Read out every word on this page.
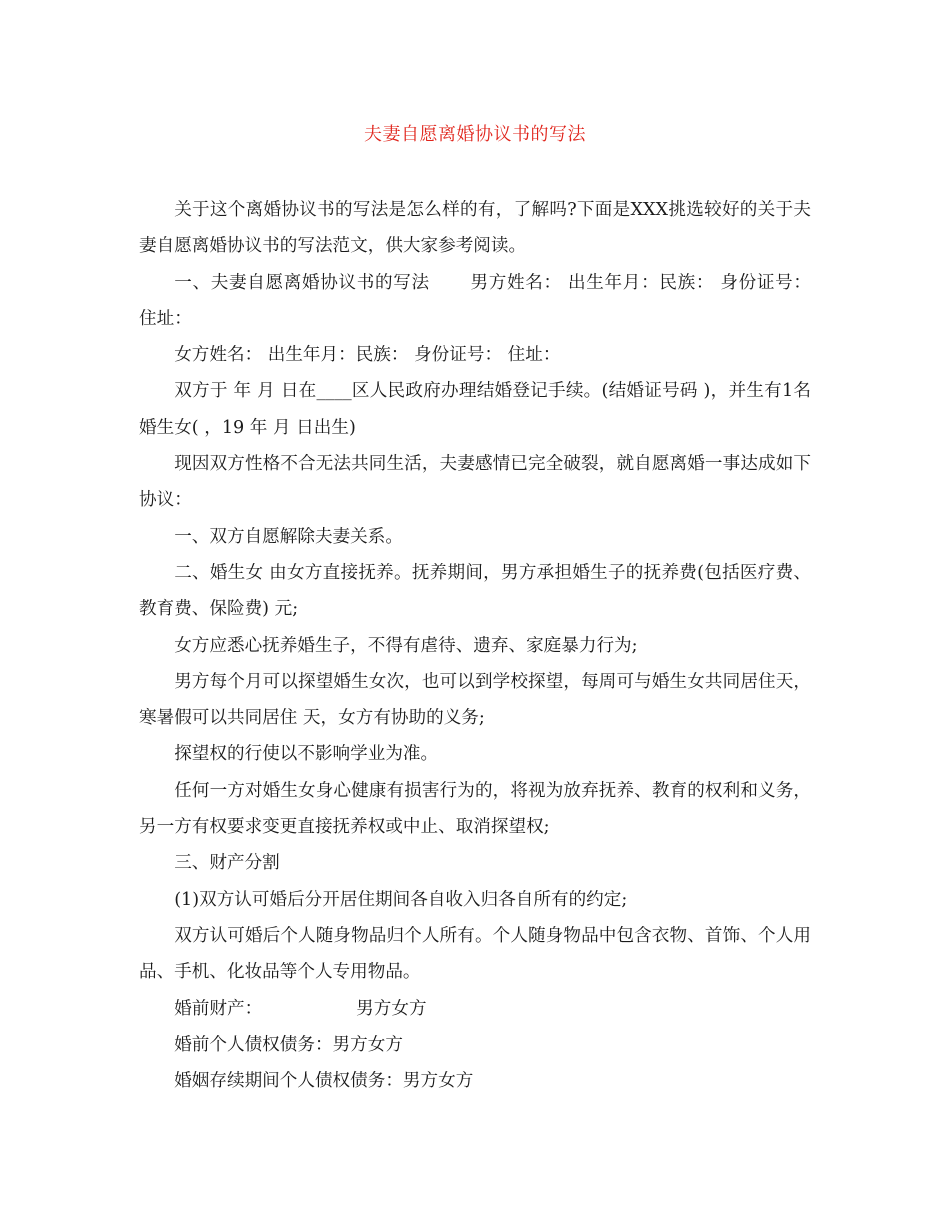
夫妻自愿离婚协议书的写法

关于这个离婚协议书的写法是怎么样的有，了解吗?下面是XXX挑选较好的关于夫妻自愿离婚协议书的写法范文，供大家参考阅读。

一、夫妻自愿离婚协议书的写法 男方姓名： 出生年月：民族： 身份证号： 住址：

女方姓名： 出生年月：民族： 身份证号： 住址：

双方于 年 月 日在____区人民政府办理结婚登记手续。(结婚证号码 )，并生有1名婚生女( ，19 年 月 日出生)

现因双方性格不合无法共同生活，夫妻感情已完全破裂，就自愿离婚一事达成如下协议：

一、双方自愿解除夫妻关系。

二、婚生女 由女方直接抚养。抚养期间，男方承担婚生子的抚养费(包括医疗费、教育费、保险费) 元;

女方应悉心抚养婚生子，不得有虐待、遗弃、家庭暴力行为;

男方每个月可以探望婚生女次，也可以到学校探望，每周可与婚生女共同居住天，寒暑假可以共同居住 天，女方有协助的义务;

探望权的行使以不影响学业为准。

任何一方对婚生女身心健康有损害行为的，将视为放弃抚养、教育的权利和义务，另一方有权要求变更直接抚养权或中止、取消探望权;

三、财产分割

(1)双方认可婚后分开居住期间各自收入归各自所有的约定;

双方认可婚后个人随身物品归个人所有。个人随身物品中包含衣物、首饰、个人用品、手机、化妆品等个人专用物品。

婚前财产：	男方女方

婚前个人债权债务：男方女方

婚姻存续期间个人债权债务：男方女方
